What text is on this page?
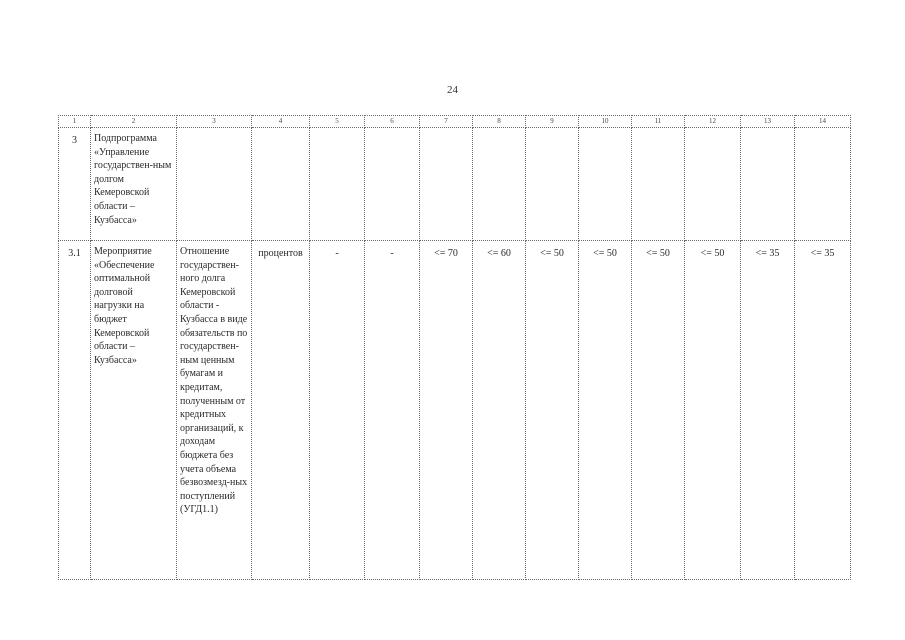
24
1	2	3	4	5	6	7	8	9	10	11	12	13	14
3	Подпрограмма «Управление государствен-ным долгом Кемеровской области – Кузбасса»												
3.1	Мероприятие «Обеспечение оптимальной долговой нагрузки на бюджет Кемеровской области – Кузбасса»	Отношение государствен-ного долга Кемеровской области - Кузбасса в виде обязательств по государствен-ным ценным бумагам и кредитам, полученным от кредитных организаций, к доходам бюджета без учета объема безвозмезд-ных поступлений (УГД1.1)	процентов	-	-	<= 70	<= 60	<= 50	<= 50	<= 50	<= 50	<= 35	<= 35
